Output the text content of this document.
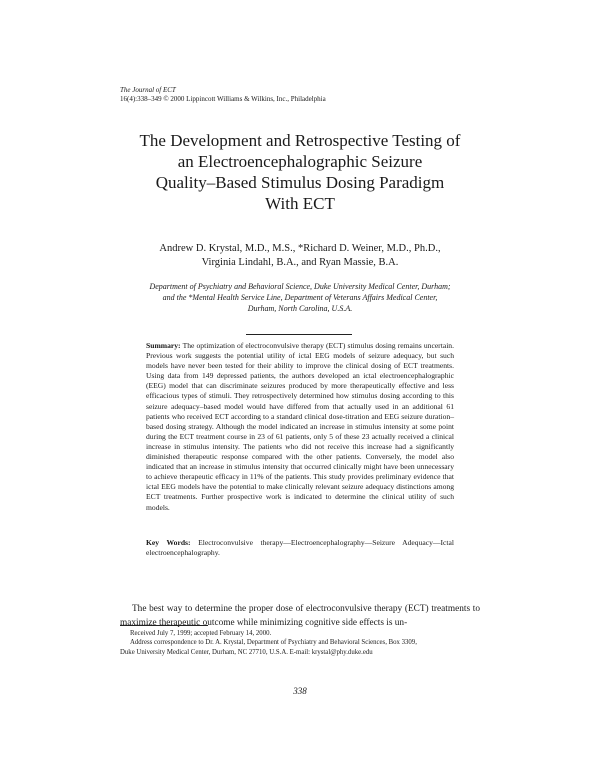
The Journal of ECT
16(4):338–349 © 2000 Lippincott Williams & Wilkins, Inc., Philadelphia
The Development and Retrospective Testing of
an Electroencephalographic Seizure
Quality–Based Stimulus Dosing Paradigm
With ECT
Andrew D. Krystal, M.D., M.S., *Richard D. Weiner, M.D., Ph.D.,
Virginia Lindahl, B.A., and Ryan Massie, B.A.
Department of Psychiatry and Behavioral Science, Duke University Medical Center, Durham;
and the *Mental Health Service Line, Department of Veterans Affairs Medical Center,
Durham, North Carolina, U.S.A.
Summary: The optimization of electroconvulsive therapy (ECT) stimulus dosing remains uncertain. Previous work suggests the potential utility of ictal EEG models of seizure adequacy, but such models have never been tested for their ability to improve the clinical dosing of ECT treatments. Using data from 149 depressed patients, the authors developed an ictal electroencephalographic (EEG) model that can discriminate seizures produced by more therapeutically effective and less efficacious types of stimuli. They retrospectively determined how stimulus dosing according to this seizure adequacy–based model would have differed from that actually used in an additional 61 patients who received ECT according to a standard clinical dose-titration and EEG seizure duration–based dosing strategy. Although the model indicated an increase in stimulus intensity at some point during the ECT treatment course in 23 of 61 patients, only 5 of these 23 actually received a clinical increase in stimulus intensity. The patients who did not receive this increase had a significantly diminished therapeutic response compared with the other patients. Conversely, the model also indicated that an increase in stimulus intensity that occurred clinically might have been unnecessary to achieve therapeutic efficacy in 11% of the patients. This study provides preliminary evidence that ictal EEG models have the potential to make clinically relevant seizure adequacy distinctions among ECT treatments. Further prospective work is indicated to determine the clinical utility of such models.
Key Words: Electroconvulsive therapy—Electroencephalography—Seizure Adequacy—Ictal electroencephalography.
The best way to determine the proper dose of electroconvulsive therapy (ECT) treatments to maximize therapeutic outcome while minimizing cognitive side effects is un-

Received July 7, 1999; accepted February 14, 2000.

Address correspondence to Dr. A. Krystal, Department of Psychiatry and Behavioral Sciences, Box 3309,

Duke University Medical Center, Durham, NC 27710, U.S.A. E-mail: krystal@phy.duke.edu

338
